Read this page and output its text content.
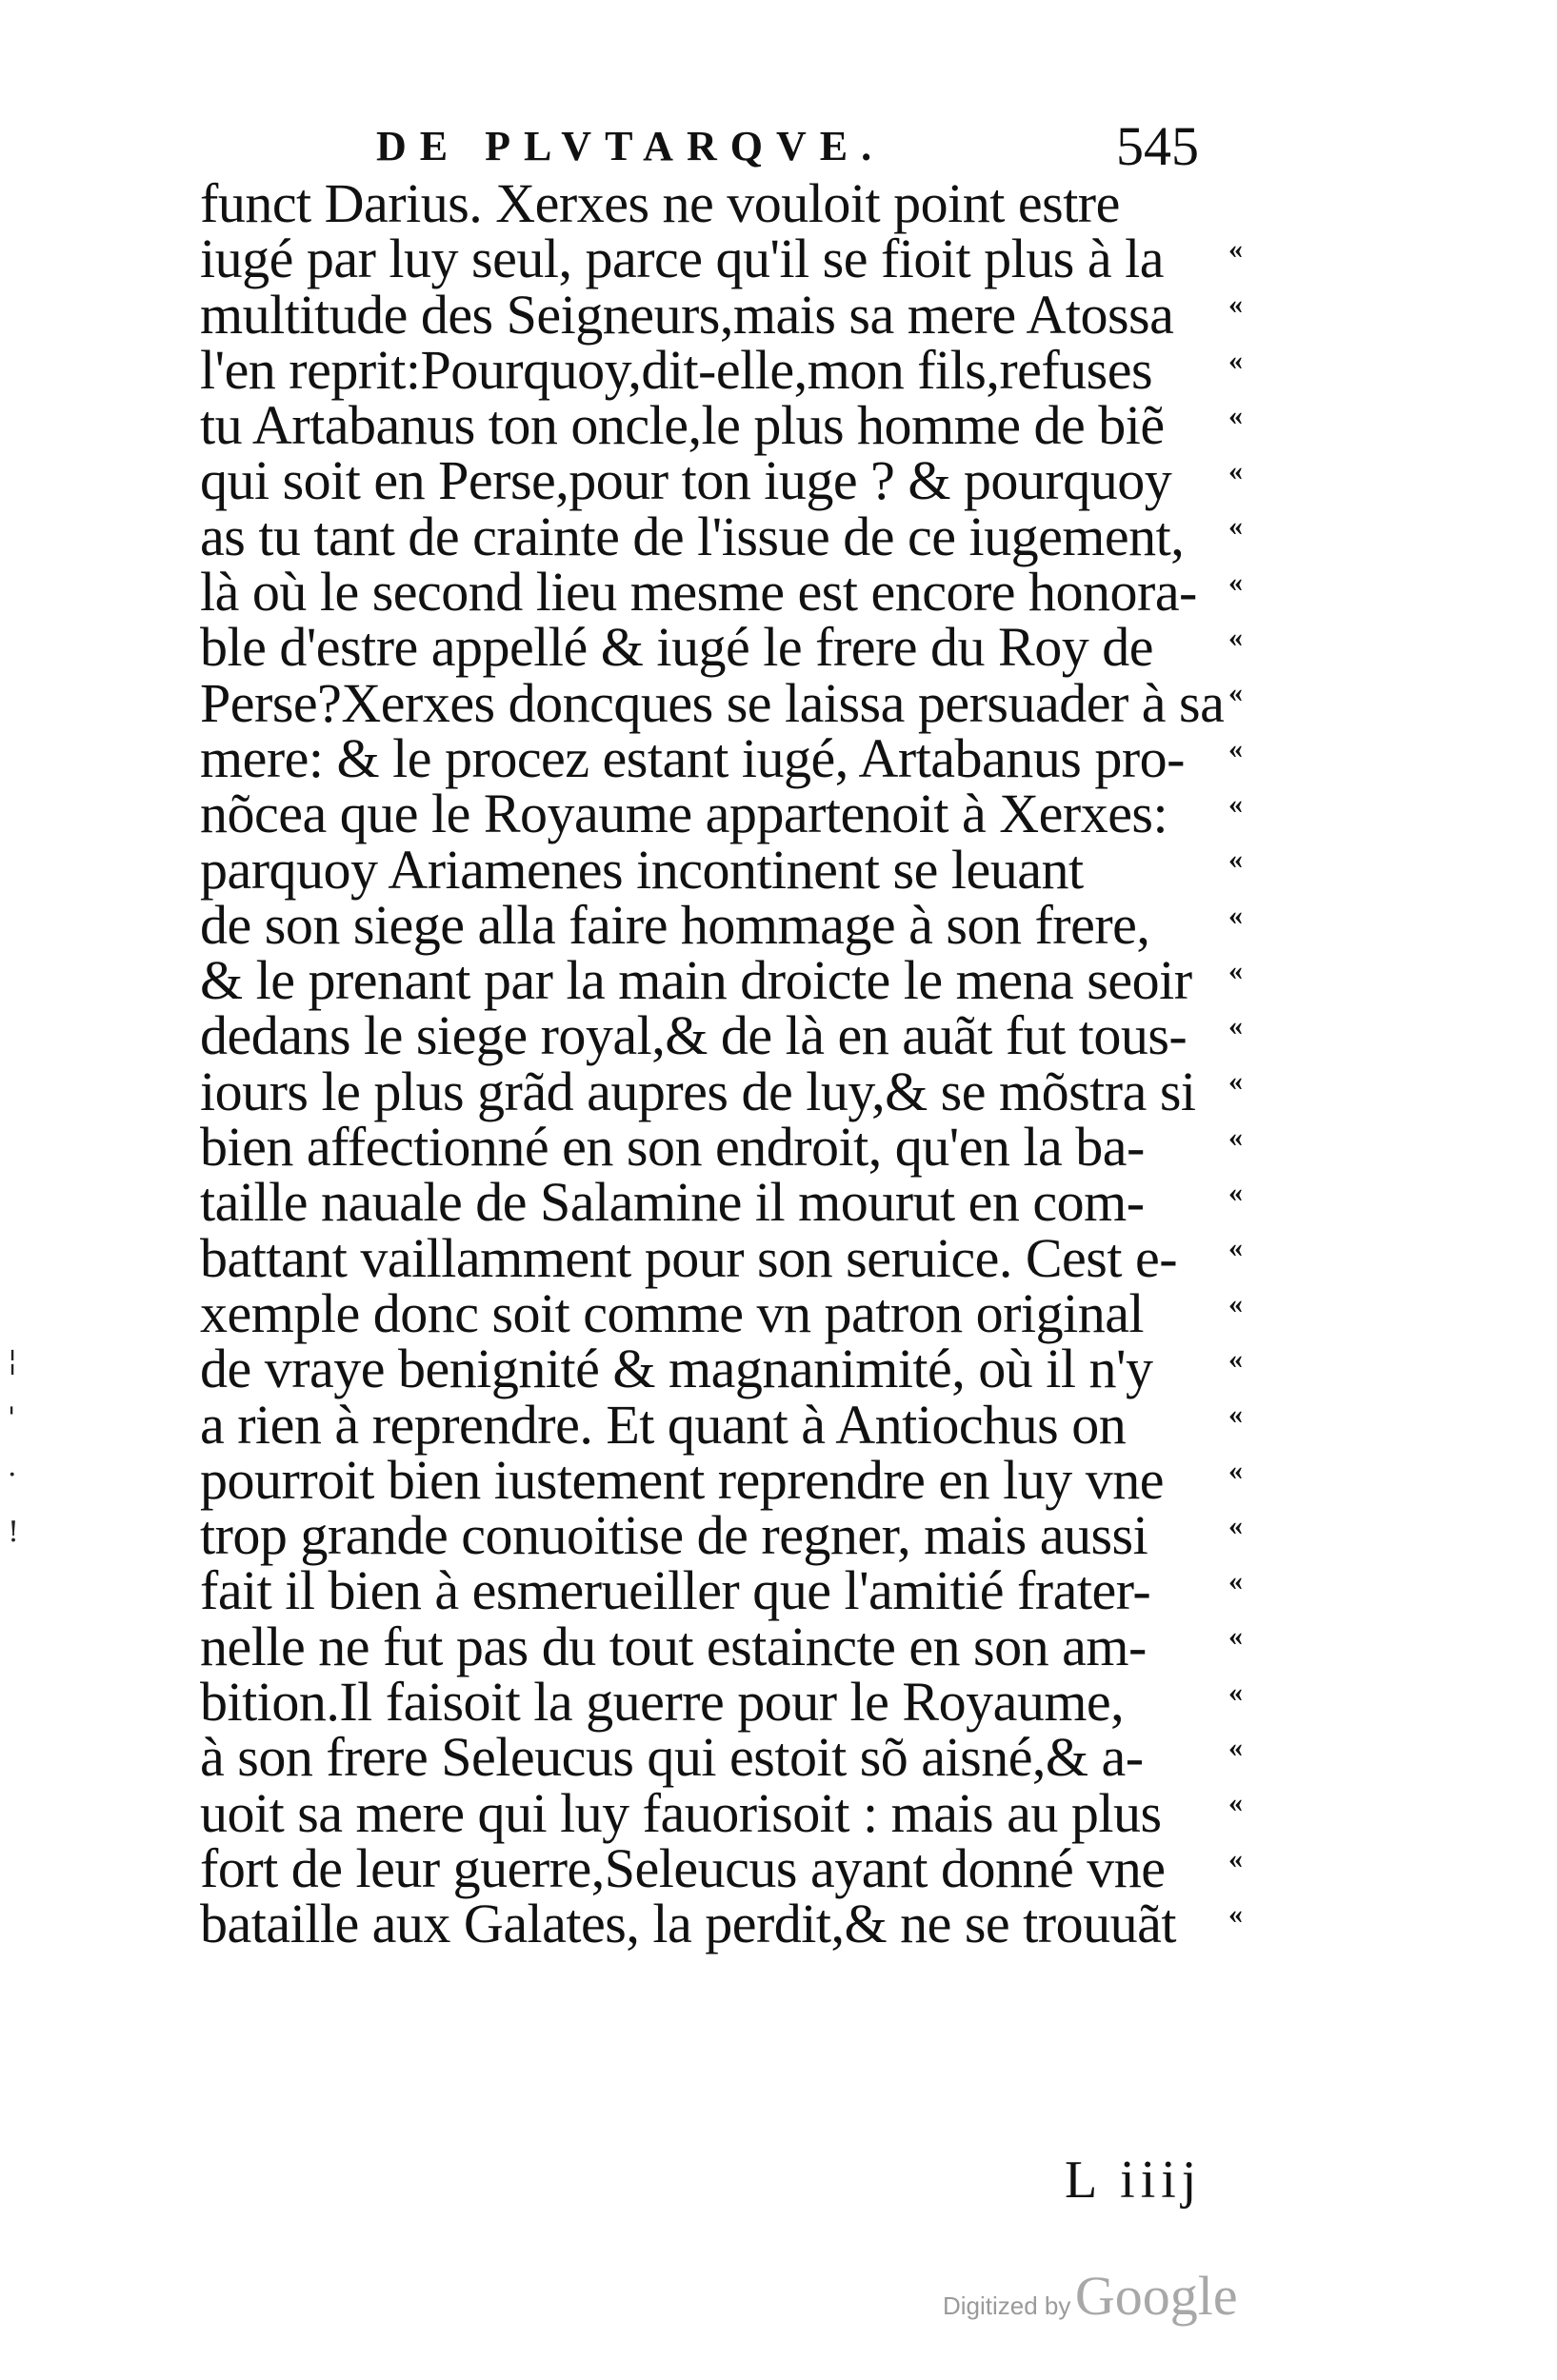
DE PLVTARQVE.	545
funct Darius. Xerxes ne vouloit point estre
iugé par luy seul, parce qu'il se fioit plus à la
multitude des Seigneurs,mais sa mere Atossa
l'en reprit:Pourquoy,dit-elle,mon fils,refuses
tu Artabanus ton oncle,le plus homme de biẽ
qui soit en Perse,pour ton iuge ? & pourquoy
as tu tant de crainte de l'issue de ce iugement,
là où le second lieu mesme est encore honora-
ble d'estre appellé & iugé le frere du Roy de
Perse?Xerxes doncques se laissa persuader à sa
mere: & le procez estant iugé, Artabanus pro-
nõcea que le Royaume appartenoit à Xerxes:
parquoy Ariamenes incontinent se leuant
de son siege alla faire hommage à son frere,
& le prenant par la main droicte le mena seoir
dedans le siege royal,& de là en auãt fut tous-
iours le plus grãd aupres de luy,& se mõstra si
bien affectionné en son endroit, qu'en la ba-
taille nauale de Salamine il mourut en com-
battant vaillamment pour son seruice. Cest e-
xemple donc soit comme vn patron original
de vraye benignité & magnanimité, où il n'y
a rien à reprendre. Et quant à Antiochus on
pourroit bien iustement reprendre en luy vne
trop grande conuoitise de regner, mais aussi
fait il bien à esmerueiller que l'amitié frater-
nelle ne fut pas du tout estaincte en son am-
bition.Il faisoit la guerre pour le Royaume,
à son frere Seleucus qui estoit sõ aisné,& a-
uoit sa mere qui luy fauorisoit : mais au plus
fort de leur guerre,Seleucus ayant donné vne
bataille aux Galates, la perdit,& ne se trouuãt
«
«
«
«
«
«
«
«
«
«
«
«
«
«
«
«
«
«
«
«
«
«
«
«
«
«
«
«
«
«
«
L iiij
¦
'
·
!
Digitized by Google
